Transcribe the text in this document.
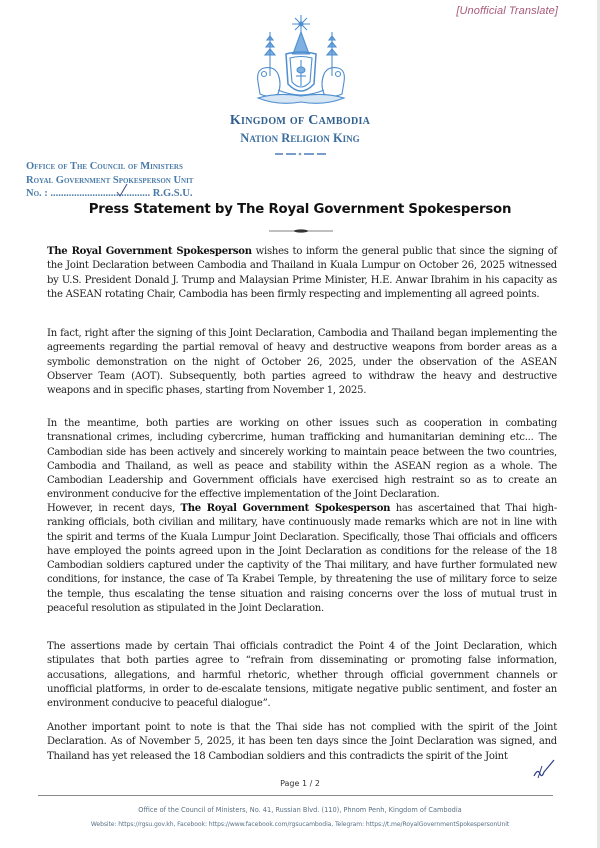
[Unofficial Translate]
Kingdom of Cambodia
Nation Religion King
Office of The Council of Ministers
Royal Government Spokesperson Unit
No. : ...................................... R.G.S.U.
Press Statement by The Royal Government Spokesperson

The Royal Government Spokesperson wishes to inform the general public that since the signing of the Joint Declaration between Cambodia and Thailand in Kuala Lumpur on October 26, 2025 witnessed by U.S. President Donald J. Trump and Malaysian Prime Minister, H.E. Anwar Ibrahim in his capacity as the ASEAN rotating Chair, Cambodia has been firmly respecting and implementing all agreed points.

In fact, right after the signing of this Joint Declaration, Cambodia and Thailand began implementing the agreements regarding the partial removal of heavy and destructive weapons from border areas as a symbolic demonstration on the night of October 26, 2025, under the observation of the ASEAN Observer Team (AOT). Subsequently, both parties agreed to withdraw the heavy and destructive weapons and in specific phases, starting from November 1, 2025.

In the meantime, both parties are working on other issues such as cooperation in combating transnational crimes, including cybercrime, human trafficking and humanitarian demining etc... The Cambodian side has been actively and sincerely working to maintain peace between the two countries, Cambodia and Thailand, as well as peace and stability within the ASEAN region as a whole. The Cambodian Leadership and Government officials have exercised high restraint so as to create an environment conducive for the effective implementation of the Joint Declaration.

However, in recent days, The Royal Government Spokesperson has ascertained that Thai high-ranking officials, both civilian and military, have continuously made remarks which are not in line with the spirit and terms of the Kuala Lumpur Joint Declaration. Specifically, those Thai officials and officers have employed the points agreed upon in the Joint Declaration as conditions for the release of the 18 Cambodian soldiers captured under the captivity of the Thai military, and have further formulated new conditions, for instance, the case of Ta Krabei Temple, by threatening the use of military force to seize the temple, thus escalating the tense situation and raising concerns over the loss of mutual trust in peaceful resolution as stipulated in the Joint Declaration.

The assertions made by certain Thai officials contradict the Point 4 of the Joint Declaration, which stipulates that both parties agree to “refrain from disseminating or promoting false information, accusations, allegations, and harmful rhetoric, whether through official government channels or unofficial platforms, in order to de-escalate tensions, mitigate negative public sentiment, and foster an environment conducive to peaceful dialogue”.

Another important point to note is that the Thai side has not complied with the spirit of the Joint Declaration. As of November 5, 2025, it has been ten days since the Joint Declaration was signed, and Thailand has yet released the 18 Cambodian soldiers and this contradicts the spirit of the Joint

Page 1 / 2
Office of the Council of Ministers, No. 41, Russian Blvd. (110), Phnom Penh, Kingdom of Cambodia
Website: https://rgsu.gov.kh, Facebook: https://www.facebook.com/rgsucambodia, Telegram: https://t.me/RoyalGovernmentSpokespersonUnit
